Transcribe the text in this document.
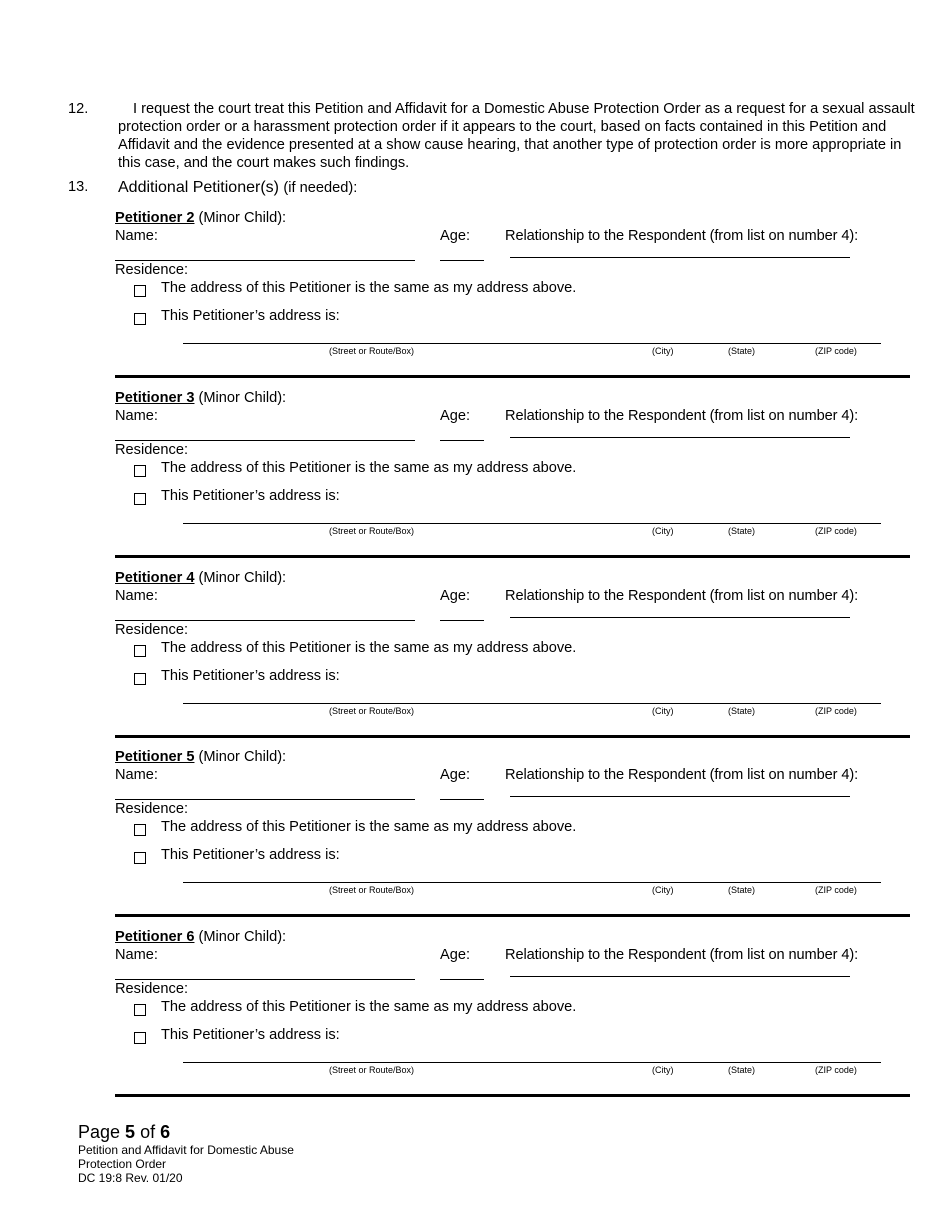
12.	I request the court treat this Petition and Affidavit for a Domestic Abuse Protection Order as a request for a sexual assault protection order or a harassment protection order if it appears to the court, based on facts contained in this Petition and Affidavit and the evidence presented at a show cause hearing, that another type of protection order is more appropriate in this case, and the court makes such findings.
13. Additional Petitioner(s) (if needed):
Petitioner 2 (Minor Child):
Name:	Age: Relationship to the Respondent (from list on number 4):
Residence:
The address of this Petitioner is the same as my address above.
This Petitioner’s address is:
(Street or Route/Box)	(City)	(State)	(ZIP code)
Petitioner 3 (Minor Child):
Name:	Age: Relationship to the Respondent (from list on number 4):
Residence:
The address of this Petitioner is the same as my address above.
This Petitioner’s address is:
(Street or Route/Box)	(City)	(State)	(ZIP code)
Petitioner 4 (Minor Child):
Name:	Age: Relationship to the Respondent (from list on number 4):
Residence:
The address of this Petitioner is the same as my address above.
This Petitioner’s address is:
(Street or Route/Box)	(City)	(State)	(ZIP code)
Petitioner 5 (Minor Child):
Name:	Age: Relationship to the Respondent (from list on number 4):
Residence:
The address of this Petitioner is the same as my address above.
This Petitioner’s address is:
(Street or Route/Box)	(City)	(State)	(ZIP code)
Petitioner 6 (Minor Child):
Name:	Age: Relationship to the Respondent (from list on number 4):
Residence:
The address of this Petitioner is the same as my address above.
This Petitioner’s address is:
(Street or Route/Box)	(City)	(State)	(ZIP code)
Page 5 of 6
Petition and Affidavit for Domestic Abuse
Protection Order
DC 19:8 Rev. 01/20
